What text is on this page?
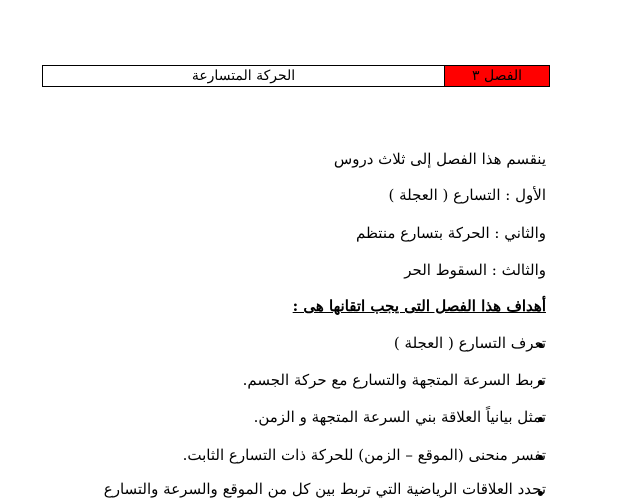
الحركة المتسارعة	الفصل ٣
ينقسم هذا الفصل إلى ثلاث دروس
الأول : التسارع ( العجلة )
والثاني : الحركة بتسارع منتظم
والثالث : السقوط الحر
أهداف هذا الفصل التى يجب اتقانها هى :
تعرف التسارع ( العجلة )
تربط السرعة المتجهة والتسارع مع حركة الجسم.
تمثل بيانياً العلاقة بني السرعة المتجهة و الزمن.
تفسر منحنى (الموقع – الزمن) للحركة ذات التسارع الثابت.
تحدد العلاقات الرياضية التي تربط بين كل من الموقع والسرعة والتسارع
